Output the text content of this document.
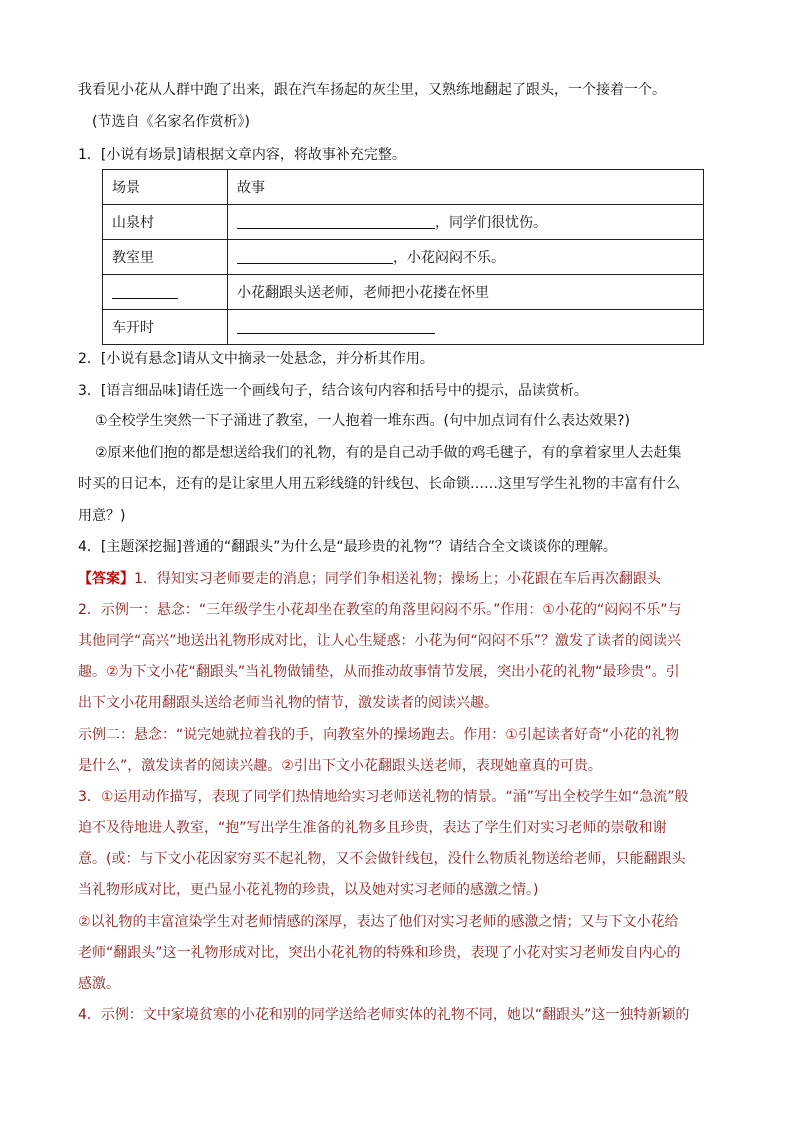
我看见小花从人群中跑了出来，跟在汽车扬起的灰尘里，又熟练地翻起了跟头，一个接着一个。
(节选自《名家名作赏析》)
1．[小说有场景]请根据文章内容，将故事补充完整。
场景	故事
山泉村	，同学们很忧伤。
教室里	，小花闷闷不乐。
	小花翻跟头送老师，老师把小花搂在怀里
车开时	
2．[小说有悬念]请从文中摘录一处悬念，并分析其作用。
3．[语言细品味]请任选一个画线句子，结合该句内容和括号中的提示，品读赏析。
①全校学生突然一下子涌进了教室，一人抱着一堆东西。(句中加点词有什么表达效果?)
②原来他们抱的都是想送给我们的礼物，有的是自己动手做的鸡毛毽子，有的拿着家里人去赶集
时买的日记本，还有的是让家里人用五彩线缝的针线包、长命锁……这里写学生礼物的丰富有什么
用意？)
4．[主题深挖掘]普通的“翻跟头”为什么是“最珍贵的礼物”？请结合全文谈谈你的理解。
【答案】1．得知实习老师要走的消息；同学们争相送礼物；操场上；小花跟在车后再次翻跟头
2．示例一：悬念：“三年级学生小花却坐在教室的角落里闷闷不乐。”作用：①小花的“闷闷不乐”与
其他同学“高兴”地送出礼物形成对比，让人心生疑惑：小花为何“闷闷不乐”？激发了读者的阅读兴
趣。②为下文小花“翻跟头”当礼物做铺垫，从而推动故事情节发展，突出小花的礼物“最珍贵”。引
出下文小花用翻跟头送给老师当礼物的情节，激发读者的阅读兴趣。
示例二：悬念：“说完她就拉着我的手，向教室外的操场跑去。作用：①引起读者好奇“小花的礼物
是什么”，激发读者的阅读兴趣。②引出下文小花翻跟头送老师，表现她童真的可贵。
3．①运用动作描写，表现了同学们热情地给实习老师送礼物的情景。“涌”写出全校学生如“急流”般
迫不及待地进人教室，“抱”写出学生准备的礼物多且珍贵，表达了学生们对实习老师的崇敬和谢
意。(或：与下文小花因家穷买不起礼物，又不会做针线包，没什么物质礼物送给老师，只能翻跟头
当礼物形成对比，更凸显小花礼物的珍贵，以及她对实习老师的感激之情。)
②以礼物的丰富渲染学生对老师情感的深厚，表达了他们对实习老师的感激之情；又与下文小花给
老师“翻跟头”这一礼物形成对比，突出小花礼物的特殊和珍贵，表现了小花对实习老师发自内心的
感激。
4．示例：文中家境贫寒的小花和别的同学送给老师实体的礼物不同，她以“翻跟头”这一独特新颖的
